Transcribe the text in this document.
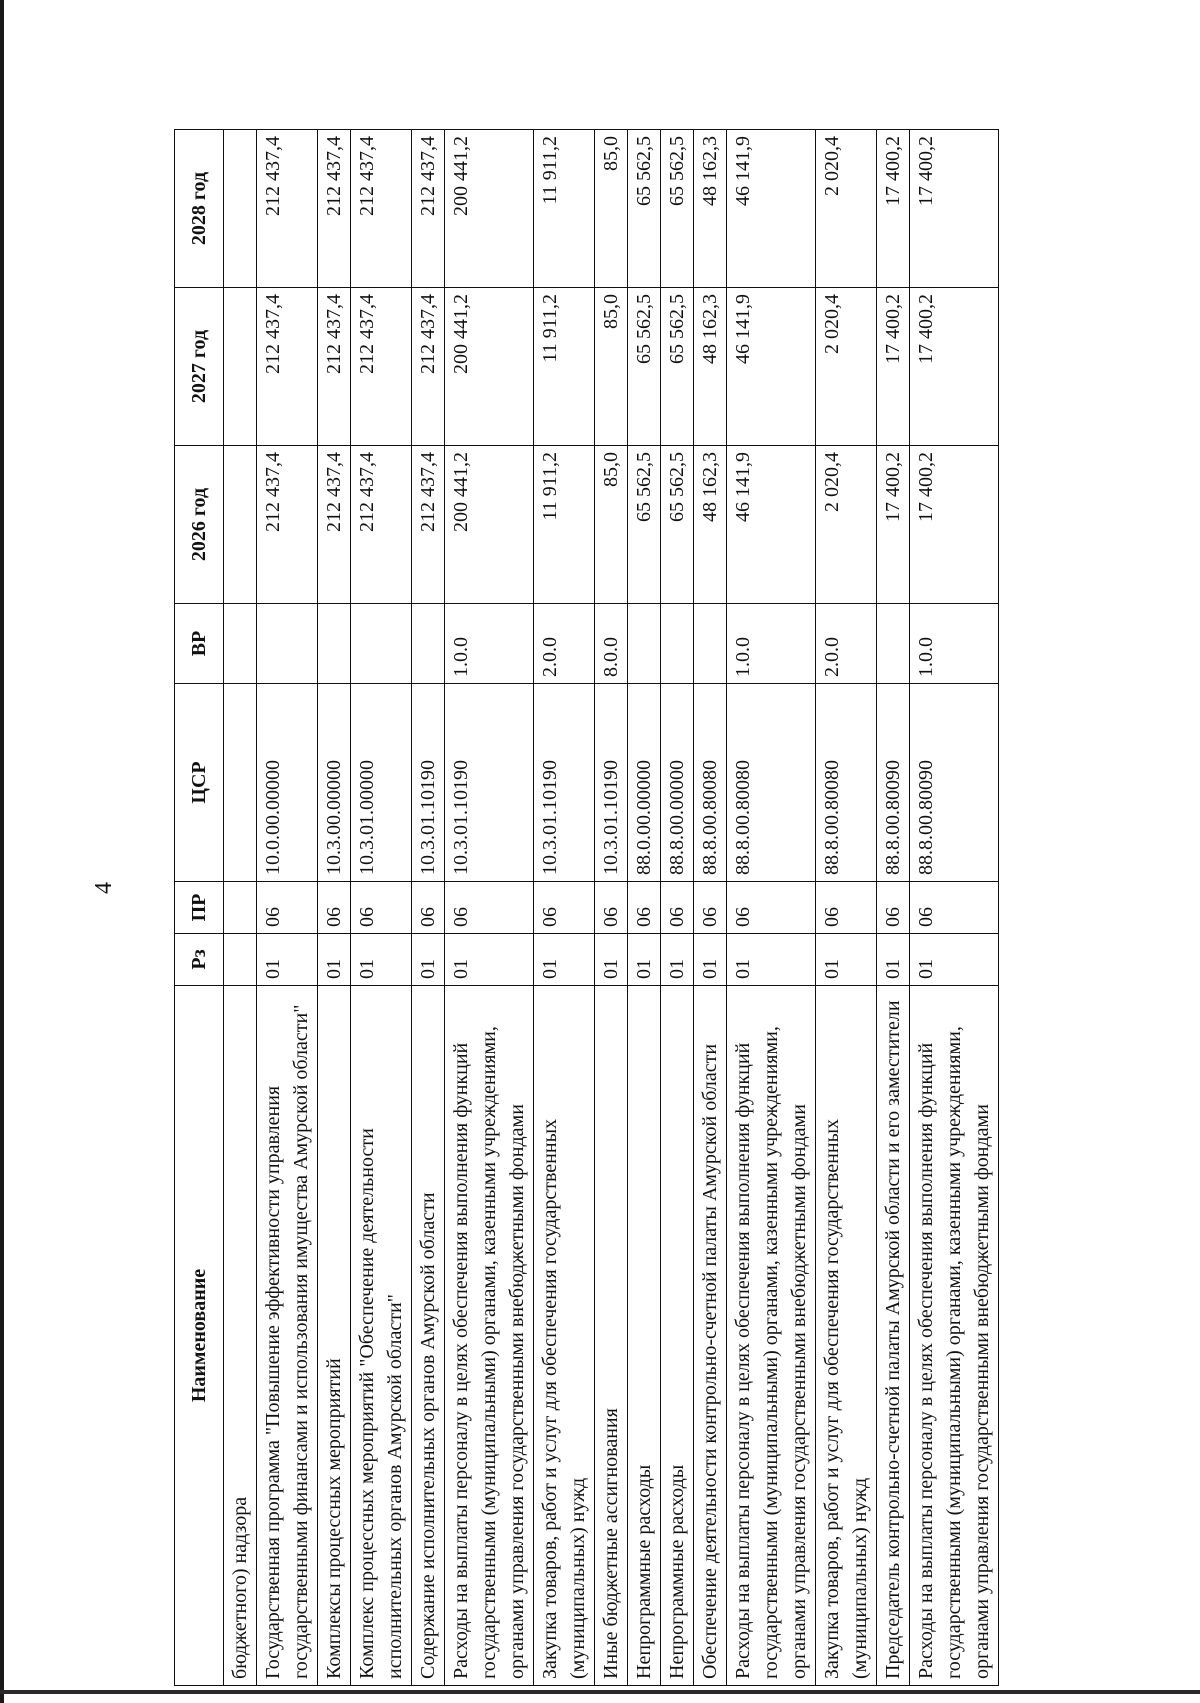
4
Наименование	Рз	ПР	ЦСР	ВР	2026 год	2027 год	2028 год
бюджетного) надзора							
Государственная программа "Повышение эффективности управления государственными финансами и использования имущества Амурской области"	01	06	10.0.00.00000		212 437,4	212 437,4	212 437,4
Комплексы процессных мероприятий	01	06	10.3.00.00000		212 437,4	212 437,4	212 437,4
Комплекс процессных мероприятий "Обеспечение деятельности исполнительных органов Амурской области"	01	06	10.3.01.00000		212 437,4	212 437,4	212 437,4
Содержание исполнительных органов Амурской области	01	06	10.3.01.10190		212 437,4	212 437,4	212 437,4
Расходы на выплаты персоналу в целях обеспечения выполнения функций государственными (муниципальными) органами, казенными учреждениями, органами управления государственными внебюджетными фондами	01	06	10.3.01.10190	1.0.0	200 441,2	200 441,2	200 441,2
Закупка товаров, работ и услуг для обеспечения государственных (муниципальных) нужд	01	06	10.3.01.10190	2.0.0	11 911,2	11 911,2	11 911,2
Иные бюджетные ассигнования	01	06	10.3.01.10190	8.0.0	85,0	85,0	85,0
Непрограммные расходы	01	06	88.0.00.00000		65 562,5	65 562,5	65 562,5
Непрограммные расходы	01	06	88.8.00.00000		65 562,5	65 562,5	65 562,5
Обеспечение деятельности контрольно-счетной палаты Амурской области	01	06	88.8.00.80080		48 162,3	48 162,3	48 162,3
Расходы на выплаты персоналу в целях обеспечения выполнения функций государственными (муниципальными) органами, казенными учреждениями, органами управления государственными внебюджетными фондами	01	06	88.8.00.80080	1.0.0	46 141,9	46 141,9	46 141,9
Закупка товаров, работ и услуг для обеспечения государственных (муниципальных) нужд	01	06	88.8.00.80080	2.0.0	2 020,4	2 020,4	2 020,4
Председатель контрольно-счетной палаты Амурской области и его заместители	01	06	88.8.00.80090		17 400,2	17 400,2	17 400,2
Расходы на выплаты персоналу в целях обеспечения выполнения функций государственными (муниципальными) органами, казенными учреждениями, органами управления государственными внебюджетными фондами	01	06	88.8.00.80090	1.0.0	17 400,2	17 400,2	17 400,2
